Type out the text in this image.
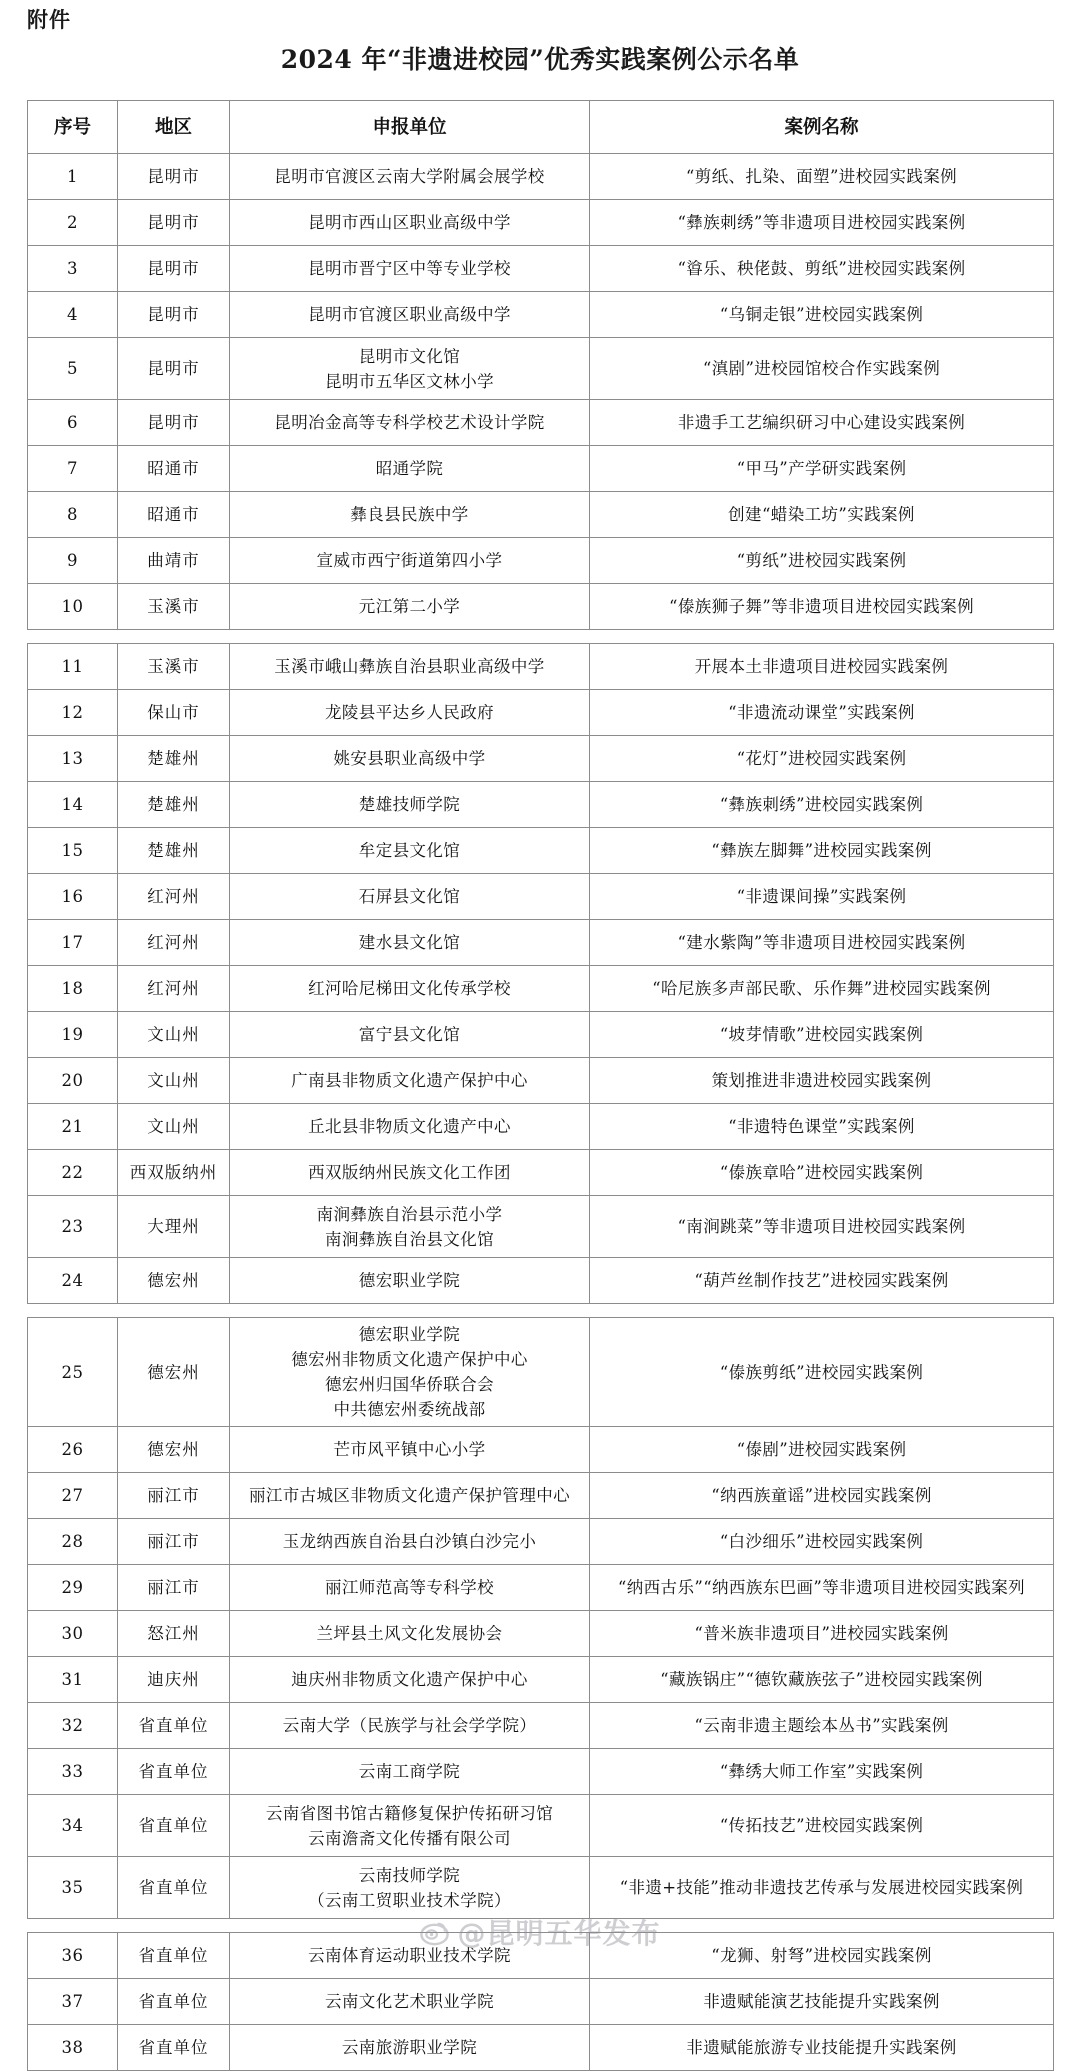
附件
2024 年“非遗进校园”优秀实践案例公示名单
序号	地区	申报单位	案例名称
1	昆明市	昆明市官渡区云南大学附属会展学校	“剪纸、扎染、面塑”进校园实践案例
2	昆明市	昆明市西山区职业高级中学	“彝族刺绣”等非遗项目进校园实践案例
3	昆明市	昆明市晋宁区中等专业学校	“㽏乐、秧佬鼓、剪纸”进校园实践案例
4	昆明市	昆明市官渡区职业高级中学	“乌铜走银”进校园实践案例
5	昆明市	昆明市文化馆
昆明市五华区文林小学	“滇剧”进校园馆校合作实践案例
6	昆明市	昆明冶金高等专科学校艺术设计学院	非遗手工艺编织研习中心建设实践案例
7	昭通市	昭通学院	“甲马”产学研实践案例
8	昭通市	彝良县民族中学	创建“蜡染工坊”实践案例
9	曲靖市	宣威市西宁街道第四小学	“剪纸”进校园实践案例
10	玉溪市	元江第二小学	“傣族狮子舞”等非遗项目进校园实践案例

11	玉溪市	玉溪市峨山彝族自治县职业高级中学	开展本土非遗项目进校园实践案例
12	保山市	龙陵县平达乡人民政府	“非遗流动课堂”实践案例
13	楚雄州	姚安县职业高级中学	“花灯”进校园实践案例
14	楚雄州	楚雄技师学院	“彝族刺绣”进校园实践案例
15	楚雄州	牟定县文化馆	“彝族左脚舞”进校园实践案例
16	红河州	石屏县文化馆	“非遗课间操”实践案例
17	红河州	建水县文化馆	“建水紫陶”等非遗项目进校园实践案例
18	红河州	红河哈尼梯田文化传承学校	“哈尼族多声部民歌、乐作舞”进校园实践案例
19	文山州	富宁县文化馆	“坡芽情歌”进校园实践案例
20	文山州	广南县非物质文化遗产保护中心	策划推进非遗进校园实践案例
21	文山州	丘北县非物质文化遗产中心	“非遗特色课堂”实践案例
22	西双版纳州	西双版纳州民族文化工作团	“傣族章哈”进校园实践案例
23	大理州	南涧彝族自治县示范小学
南涧彝族自治县文化馆	“南涧跳菜”等非遗项目进校园实践案例
24	德宏州	德宏职业学院	“葫芦丝制作技艺”进校园实践案例

25	德宏州	德宏职业学院
德宏州非物质文化遗产保护中心
德宏州归国华侨联合会
中共德宏州委统战部	“傣族剪纸”进校园实践案例
26	德宏州	芒市风平镇中心小学	“傣剧”进校园实践案例
27	丽江市	丽江市古城区非物质文化遗产保护管理中心	“纳西族童谣”进校园实践案例
28	丽江市	玉龙纳西族自治县白沙镇白沙完小	“白沙细乐”进校园实践案例
29	丽江市	丽江师范高等专科学校	“纳西古乐”“纳西族东巴画”等非遗项目进校园实践案列
30	怒江州	兰坪县土风文化发展协会	“普米族非遗项目”进校园实践案例
31	迪庆州	迪庆州非物质文化遗产保护中心	“藏族锅庄”“德钦藏族弦子”进校园实践案例
32	省直单位	云南大学（民族学与社会学学院）	“云南非遗主题绘本丛书”实践案例
33	省直单位	云南工商学院	“彝绣大师工作室”实践案例
34	省直单位	云南省图书馆古籍修复保护传拓研习馆
云南澹斋文化传播有限公司	“传拓技艺”进校园实践案例
35	省直单位	云南技师学院
（云南工贸职业技术学院）	“非遗+技能”推动非遗技艺传承与发展进校园实践案例

36	省直单位	云南体育运动职业技术学院	“龙狮、射弩”进校园实践案例
37	省直单位	云南文化艺术职业学院	非遗赋能演艺技能提升实践案例
38	省直单位	云南旅游职业学院	非遗赋能旅游专业技能提升实践案例
@昆明五华发布
